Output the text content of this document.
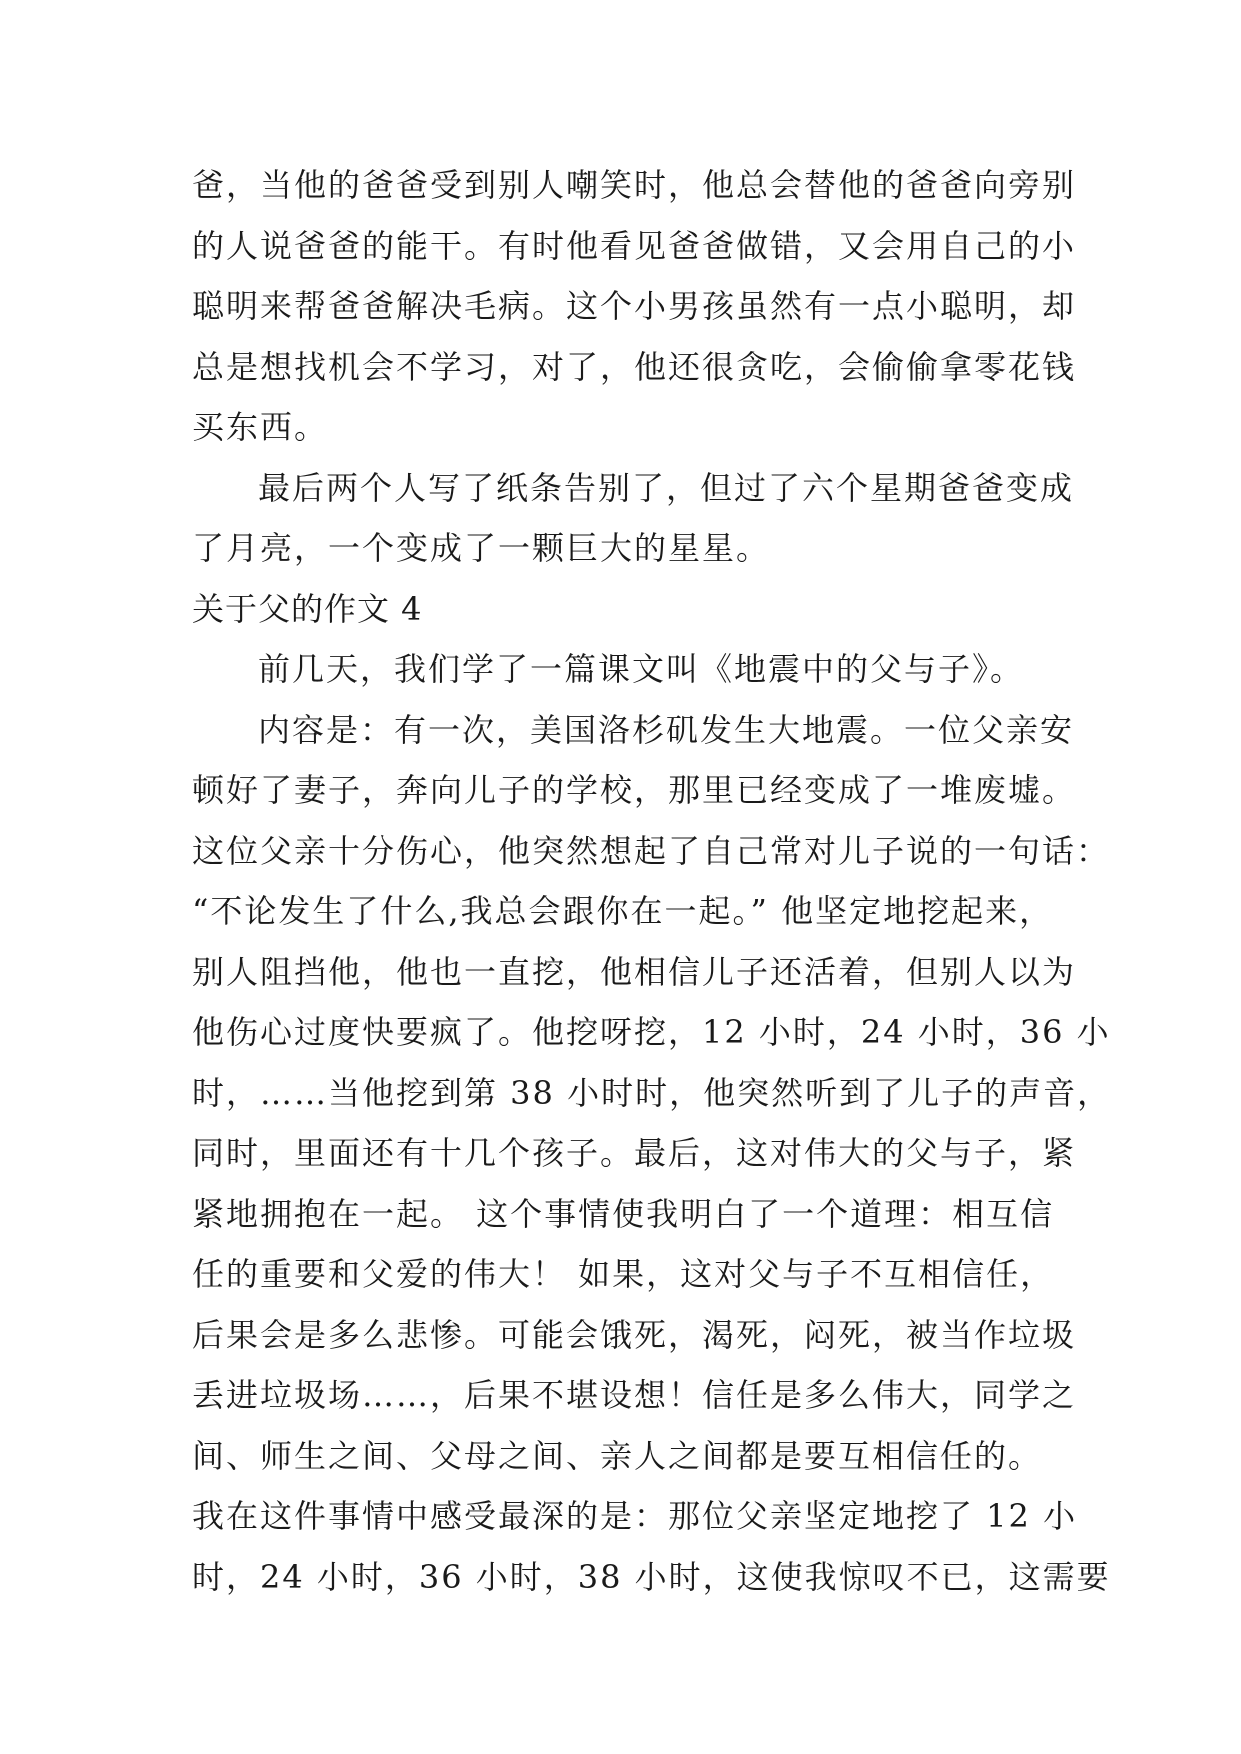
爸，当他的爸爸受到别人嘲笑时，他总会替他的爸爸向旁别
的人说爸爸的能干。有时他看见爸爸做错，又会用自己的小
聪明来帮爸爸解决毛病。这个小男孩虽然有一点小聪明，却
总是想找机会不学习，对了，他还很贪吃，会偷偷拿零花钱
买东西。
最后两个人写了纸条告别了，但过了六个星期爸爸变成
了月亮，一个变成了一颗巨大的星星。
关于父的作文 4
前几天，我们学了一篇课文叫《地震中的父与子》。
内容是：有一次，美国洛杉矶发生大地震。一位父亲安
顿好了妻子，奔向儿子的学校，那里已经变成了一堆废墟。
这位父亲十分伤心，他突然想起了自己常对儿子说的一句话：
“不论发生了什么,我总会跟你在一起。” 他坚定地挖起来，
别人阻挡他，他也一直挖，他相信儿子还活着，但别人以为
他伤心过度快要疯了。他挖呀挖，12 小时，24 小时，36 小
时，……当他挖到第 38 小时时，他突然听到了儿子的声音，
同时，里面还有十几个孩子。最后，这对伟大的父与子，紧
紧地拥抱在一起。 这个事情使我明白了一个道理：相互信
任的重要和父爱的伟大！ 如果，这对父与子不互相信任，
后果会是多么悲惨。可能会饿死，渴死，闷死，被当作垃圾
丢进垃圾场……，后果不堪设想！信任是多么伟大，同学之
间、师生之间、父母之间、亲人之间都是要互相信任的。
我在这件事情中感受最深的是：那位父亲坚定地挖了 12 小
时，24 小时，36 小时，38 小时，这使我惊叹不已，这需要
